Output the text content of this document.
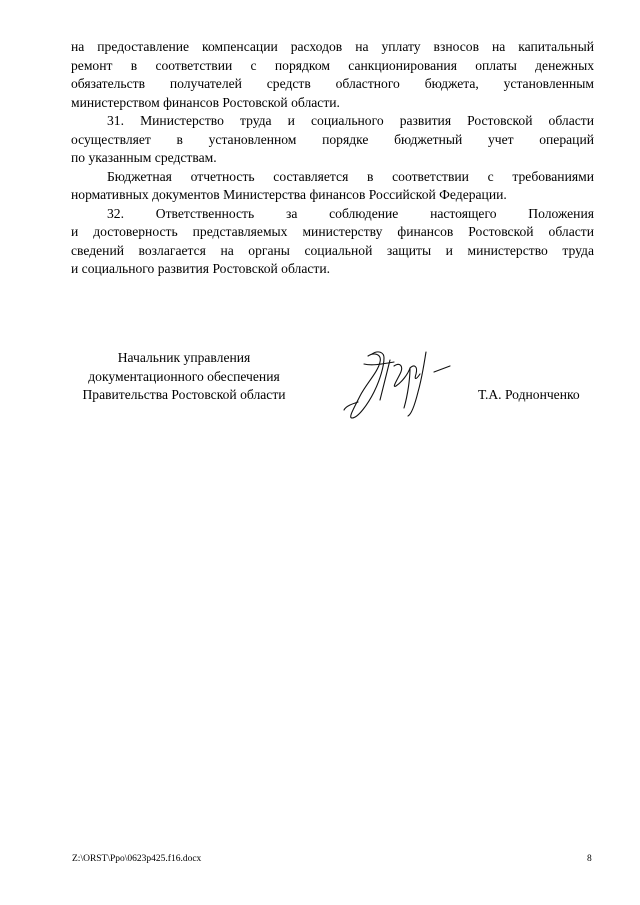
на предоставление компенсации расходов на уплату взносов на капитальный
ремонт в соответствии с порядком санкционирования оплаты денежных
обязательств получателей средств областного бюджета, установленным
министерством финансов Ростовской области.
31. Министерство труда и социального развития Ростовской области
осуществляет в установленном порядке бюджетный учет операций
по указанным средствам.
Бюджетная отчетность составляется в соответствии с требованиями
нормативных документов Министерства финансов Российской Федерации.
32. Ответственность за соблюдение настоящего Положения
и достоверность представляемых министерству финансов Ростовской области
сведений возлагается на органы социальной защиты и министерство труда
и социального развития Ростовской области.
Начальник управления
документационного обеспечения
Правительства Ростовской области	Т.А. Роднонченко
Z:\ORST\Ppo\0623p425.f16.docx	8
